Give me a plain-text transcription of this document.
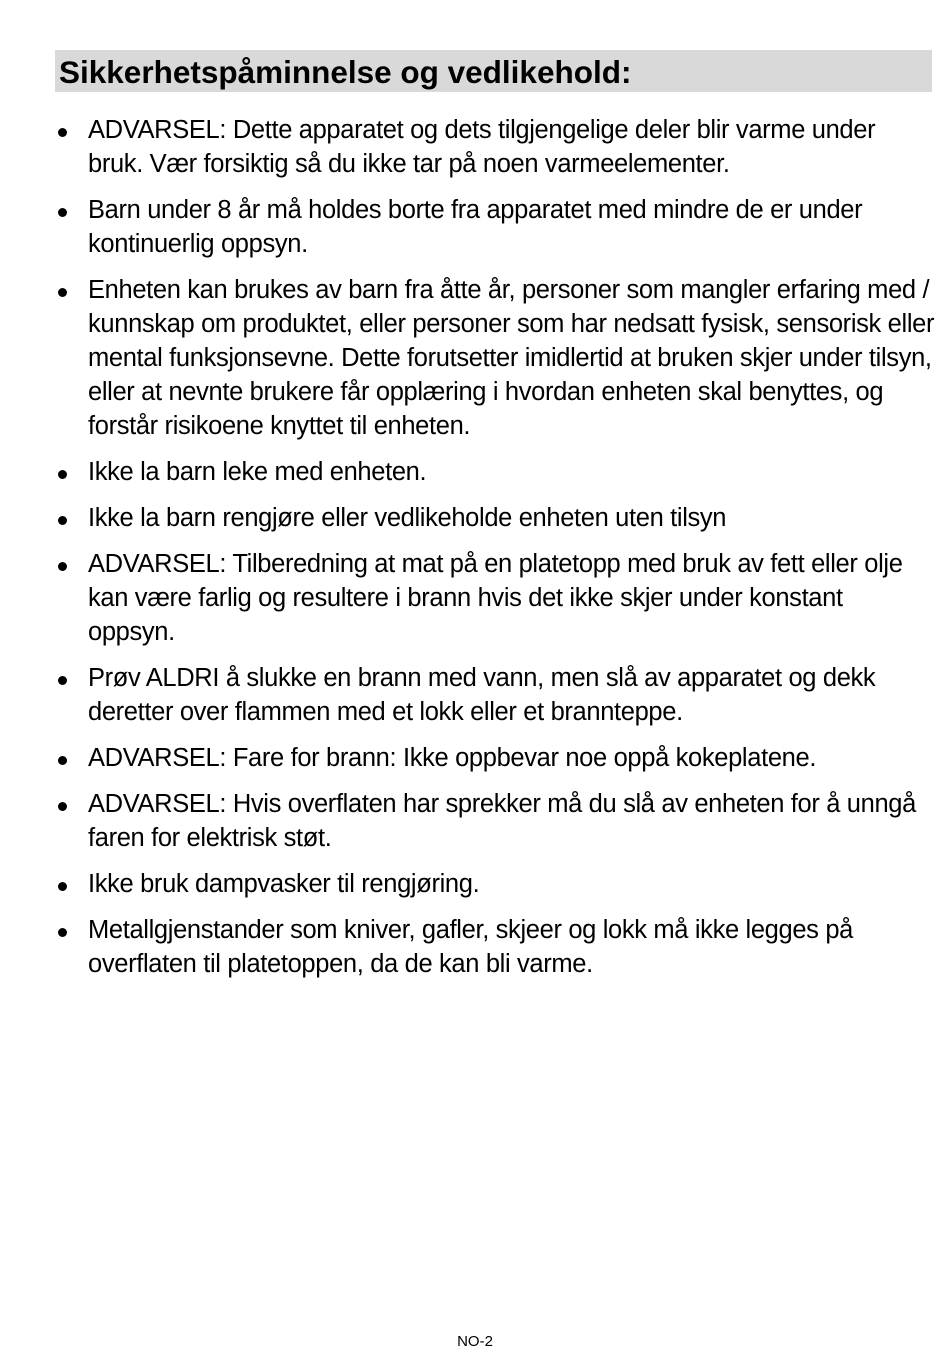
Sikkerhetspåminnelse og vedlikehold:
ADVARSEL: Dette apparatet og dets tilgjengelige deler blir varme under bruk. Vær forsiktig så du ikke tar på noen varmeelementer.
Barn under 8 år må holdes borte fra apparatet med mindre de er under kontinuerlig oppsyn.
Enheten kan brukes av barn fra åtte år, personer som mangler erfaring med / kunnskap om produktet, eller personer som har nedsatt fysisk, sensorisk eller mental funksjonsevne. Dette forutsetter imidlertid at bruken skjer under tilsyn, eller at nevnte brukere får opplæring i hvordan enheten skal benyttes, og forstår risikoene knyttet til enheten.
Ikke la barn leke med enheten.
Ikke la barn rengjøre eller vedlikeholde enheten uten tilsyn
ADVARSEL: Tilberedning at mat på en platetopp med bruk av fett eller olje kan være farlig og resultere i brann hvis det ikke skjer under konstant oppsyn.
Prøv ALDRI å slukke en brann med vann, men slå av apparatet og dekk deretter over flammen med et lokk eller et brannteppe.
ADVARSEL: Fare for brann: Ikke oppbevar noe oppå kokeplatene.
ADVARSEL: Hvis overflaten har sprekker må du slå av enheten for å unngå faren for elektrisk støt.
Ikke bruk dampvasker til rengjøring.
Metallgjenstander som kniver, gafler, skjeer og lokk må ikke legges på overflaten til platetoppen, da de kan bli varme.
NO-2
